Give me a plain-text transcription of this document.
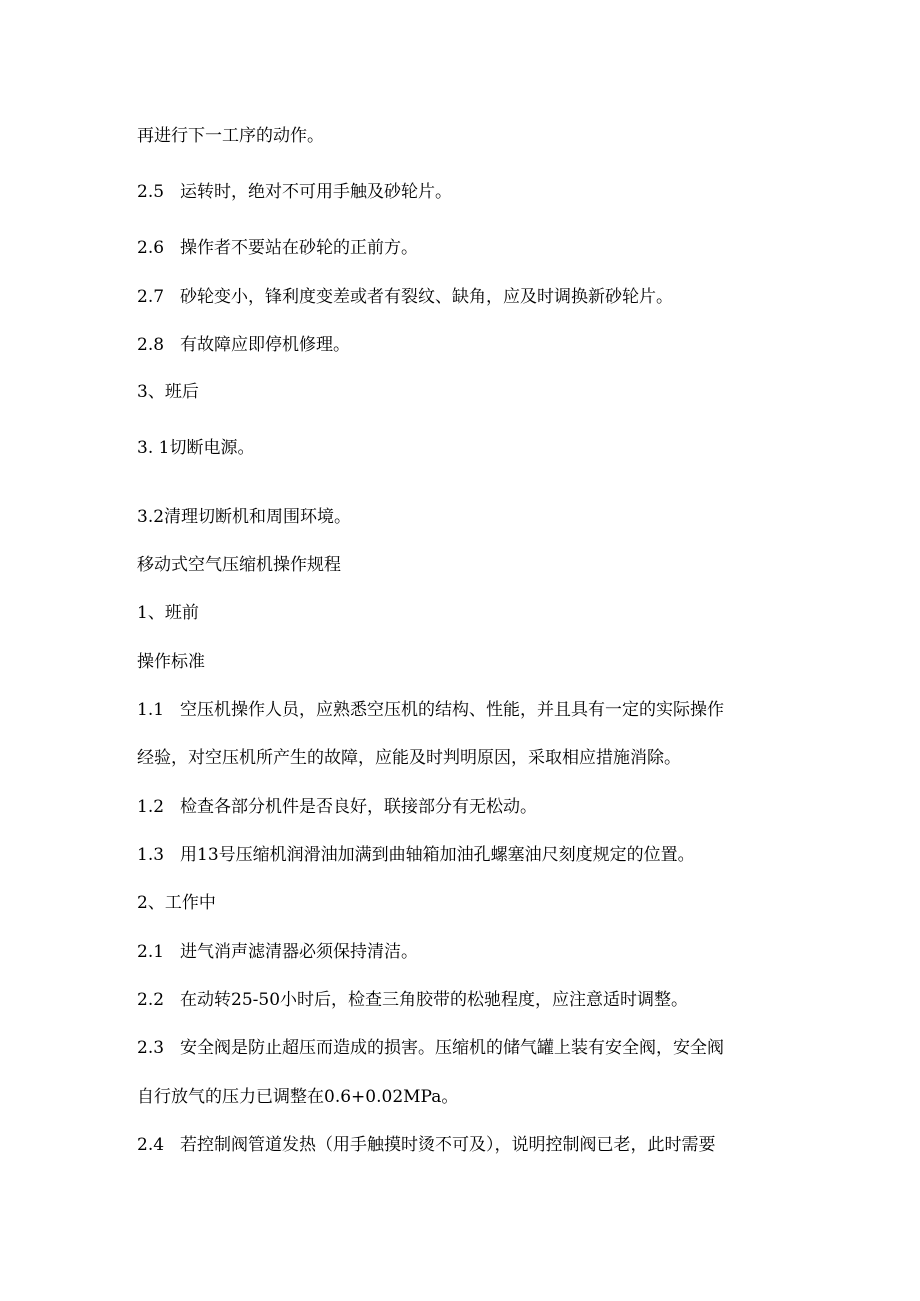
再进行下一工序的动作。
2.5 运转时，绝对不可用手触及砂轮片。
2.6 操作者不要站在砂轮的正前方。
2.7 砂轮变小，锋利度变差或者有裂纹、缺角，应及时调换新砂轮片。
2.8 有故障应即停机修理。
3、班后
3. 1切断电源。
3.2清理切断机和周围环境。
移动式空气压缩机操作规程
1、班前
操作标准
1.1 空压机操作人员，应熟悉空压机的结构、性能，并且具有一定的实际操作
经验，对空压机所产生的故障，应能及时判明原因，采取相应措施消除。
1.2 检查各部分机件是否良好，联接部分有无松动。
1.3 用13号压缩机润滑油加满到曲轴箱加油孔螺塞油尺刻度规定的位置。
2、工作中
2.1 进气消声滤清器必须保持清洁。
2.2 在动转25-50小时后，检查三角胶带的松驰程度，应注意适时调整。
2.3 安全阀是防止超压而造成的损害。压缩机的储气罐上装有安全阀，安全阀
自行放气的压力已调整在0.6+0.02MPa。
2.4 若控制阀管道发热（用手触摸时烫不可及），说明控制阀已老，此时需要
